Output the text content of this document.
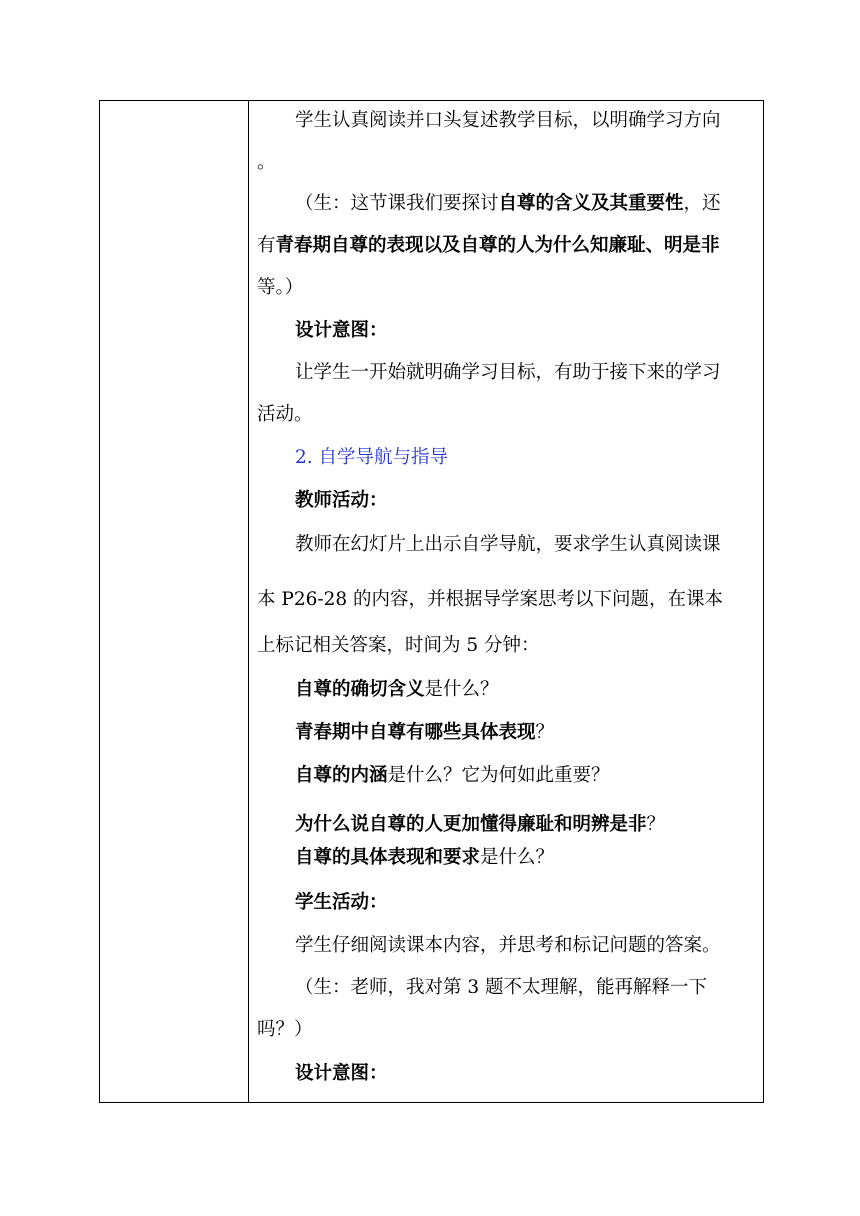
学生认真阅读并口头复述教学目标，以明确学习方向
。
（生：这节课我们要探讨自尊的含义及其重要性，还
有青春期自尊的表现以及自尊的人为什么知廉耻、明是非
等。）
设计意图：
让学生一开始就明确学习目标，有助于接下来的学习
活动。
2. 自学导航与指导
教师活动：
教师在幻灯片上出示自学导航，要求学生认真阅读课
本 P26-28 的内容，并根据导学案思考以下问题，在课本
上标记相关答案，时间为 5 分钟：
自尊的确切含义是什么？
青春期中自尊有哪些具体表现？
自尊的内涵是什么？它为何如此重要？
为什么说自尊的人更加懂得廉耻和明辨是非？
自尊的具体表现和要求是什么？
学生活动：
学生仔细阅读课本内容，并思考和标记问题的答案。
（生：老师，我对第 3 题不太理解，能再解释一下
吗？）
设计意图：
